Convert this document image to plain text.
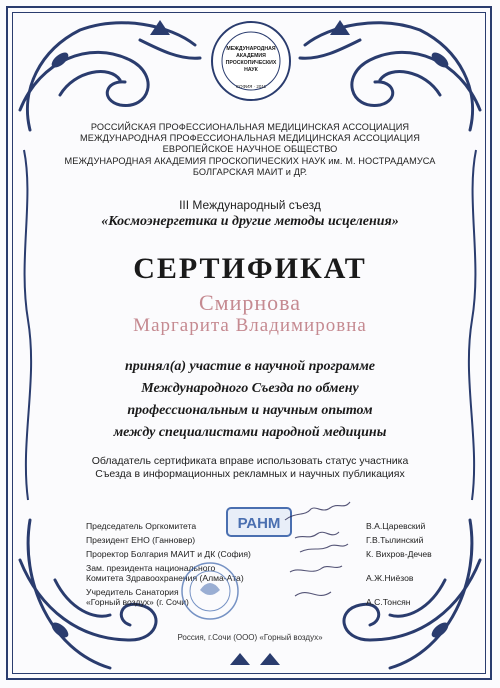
МЕЖДУНАРОДНАЯ
АКАДЕМИЯ
ПРОСКОПИЧЕСКИХ
НАУК
СОФИЯ · 2011
РОССИЙСКАЯ ПРОФЕССИОНАЛЬНАЯ МЕДИЦИНСКАЯ АССОЦИАЦИЯ
МЕЖДУНАРОДНАЯ ПРОФЕССИОНАЛЬНАЯ МЕДИЦИНСКАЯ АССОЦИАЦИЯ
ЕВРОПЕЙСКОЕ НАУЧНОЕ ОБЩЕСТВО
МЕЖДУНАРОДНАЯ АКАДЕМИЯ ПРОСКОПИЧЕСКИХ НАУК им. М. НОСТРАДАМУСА
БОЛГАРСКАЯ МАИТ и ДР.
III Международный съезд
«Космоэнергетика и другие методы исцеления»
СЕРТИФИКАТ
Смирнова
Маргарита Владимировна
принял(а) участие в научной программе
Международного Съезда по обмену
профессиональным и научным опытом
между специалистами народной медицины
Обладатель сертификата вправе использовать статус участника
Съезда в информационных рекламных и научных публикациях
РАНМ
Председатель Оргкомитета	В.А.Царевский
Президент ЕНО (Ганновер)	Г.В.Тылинский
Проректор Болгария МАИТ и ДК (София)	К. Вихров-Дечев
Зам. президента национального
Комитета Здравоохранения (Алма-Ата)	А.Ж.Ниёзов
Учредитель Санатория
«Горный воздух» (г. Сочи)	А.С.Тонсян
Россия, г.Сочи (ООО) «Горный воздух»
